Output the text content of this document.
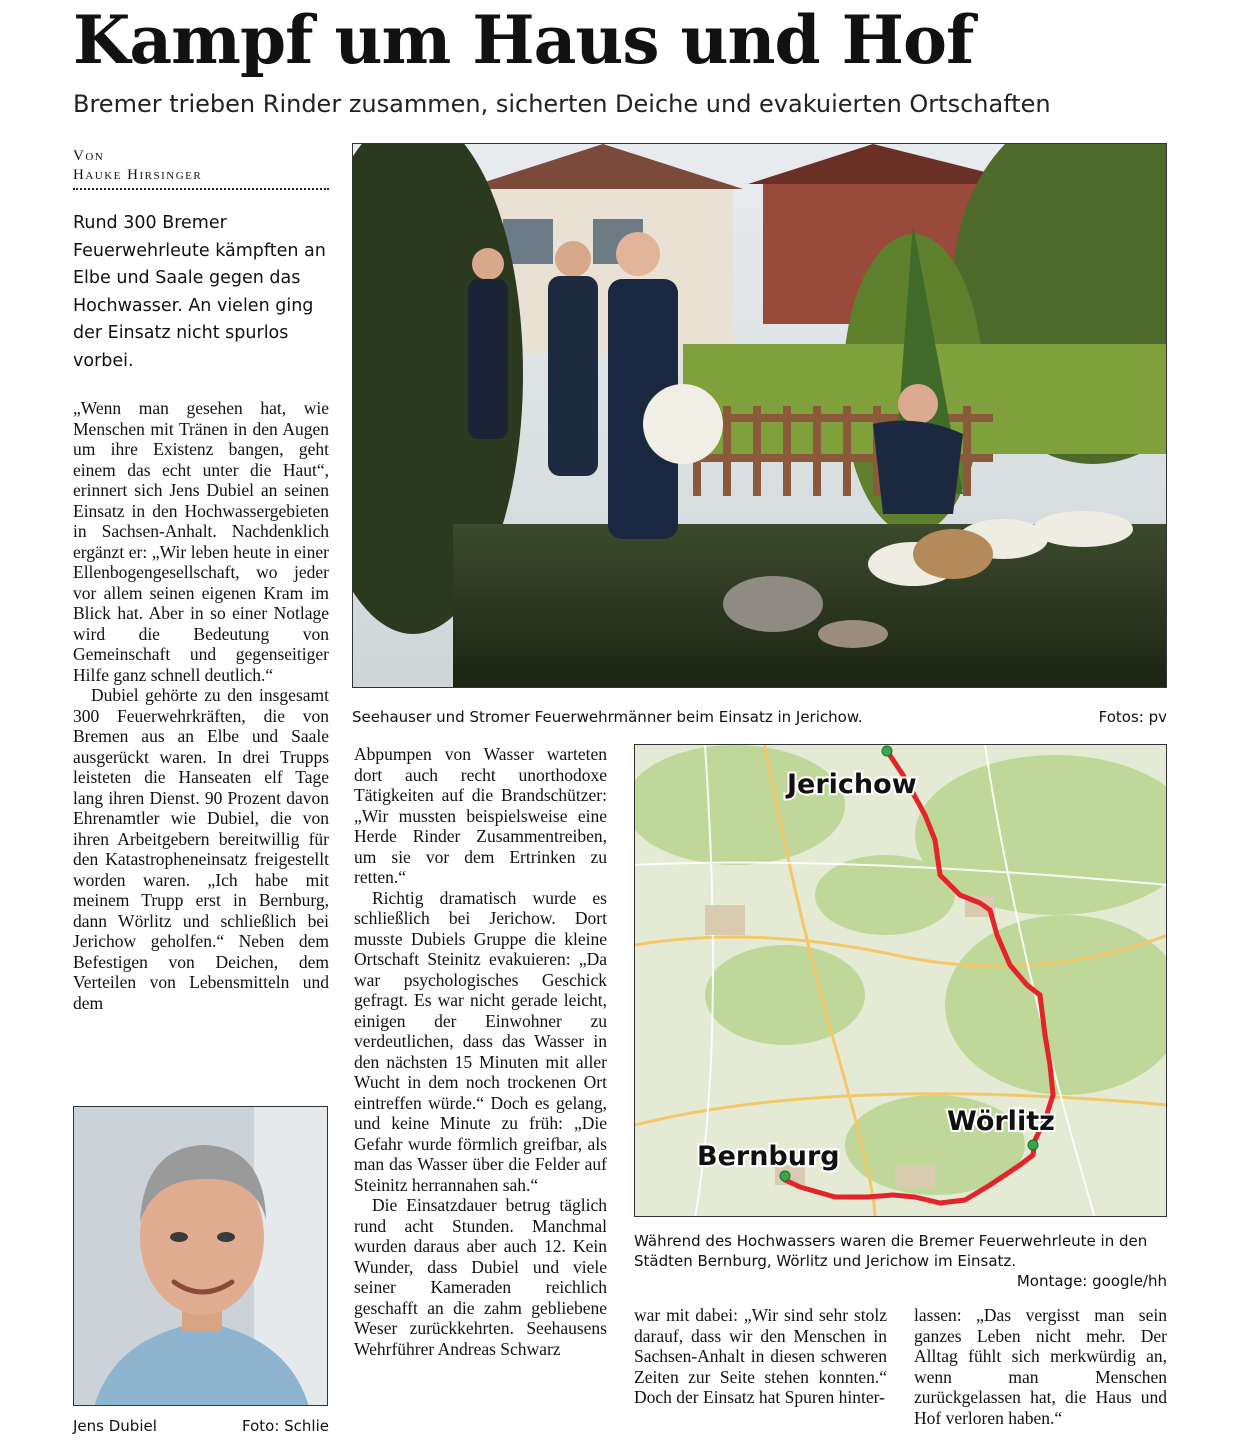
Kampf um Haus und Hof
Bremer trieben Rinder zusammen, sicherten Deiche und evakuierten Ortschaften
Von
Hauke Hirsinger
Rund 300 Bremer Feuerwehrleute kämpften an Elbe und Saale gegen das Hochwasser. An vielen ging der Einsatz nicht spurlos vorbei.

„Wenn man gesehen hat, wie Menschen mit Tränen in den Augen um ihre Existenz bangen, geht einem das echt unter die Haut“, erinnert sich Jens Dubiel an seinen Einsatz in den Hochwassergebieten in Sachsen-Anhalt. Nachdenklich ergänzt er: „Wir leben heute in einer Ellenbogengesellschaft, wo jeder vor allem seinen eigenen Kram im Blick hat. Aber in so einer Notlage wird die Bedeutung von Gemeinschaft und gegenseitiger Hilfe ganz schnell deutlich.“

Dubiel gehörte zu den insgesamt 300 Feuerwehrkräften, die von Bremen aus an Elbe und Saale ausgerückt waren. In drei Trupps leisteten die Hanseaten elf Tage lang ihren Dienst. 90 Prozent davon Ehrenamtler wie Dubiel, die von ihren Arbeitgebern bereitwillig für den Katastropheneinsatz freigestellt worden waren. „Ich habe mit meinem Trupp erst in Bernburg, dann Wörlitz und schließlich bei Jerichow geholfen.“ Neben dem Befestigen von Deichen, dem Verteilen von Lebensmitteln und dem

Seehauser und Stromer Feuerwehrmänner beim Einsatz in Jerichow.	Fotos: pv

Abpumpen von Wasser warteten dort auch recht unorthodoxe Tätigkeiten auf die Brandschützer: „Wir mussten beispielsweise eine Herde Rinder Zusammentreiben, um sie vor dem Ertrinken zu retten.“

Richtig dramatisch wurde es schließlich bei Jerichow. Dort musste Dubiels Gruppe die kleine Ortschaft Steinitz evakuieren: „Da war psychologisches Geschick gefragt. Es war nicht gerade leicht, einigen der Einwohner zu verdeutlichen, dass das Wasser in den nächsten 15 Minuten mit aller Wucht in dem noch trockenen Ort eintreffen würde.“ Doch es gelang, und keine Minute zu früh: „Die Gefahr wurde förmlich greifbar, als man das Wasser über die Felder auf Steinitz herrannahen sah.“

Die Einsatzdauer betrug täglich rund acht Stunden. Manchmal wurden daraus aber auch 12. Kein Wunder, dass Dubiel und viele seiner Kameraden reichlich geschafft an die zahm gebliebene Weser zurückkehrten. Seehausens Wehrführer Andreas Schwarz

Jerichow
Wörlitz
Bernburg
Während des Hochwassers waren die Bremer Feuerwehrleute in den Städten Bernburg, Wörlitz und Jerichow im Einsatz.
Montage: google/hh
Jens Dubiel	Foto: Schlie

war mit dabei: „Wir sind sehr stolz darauf, dass wir den Menschen in Sachsen-Anhalt in diesen schweren Zeiten zur Seite stehen konnten.“ Doch der Einsatz hat Spuren hinter-

lassen: „Das vergisst man sein ganzes Leben nicht mehr. Der Alltag fühlt sich merkwürdig an, wenn man Menschen zurückgelassen hat, die Haus und Hof verloren haben.“
